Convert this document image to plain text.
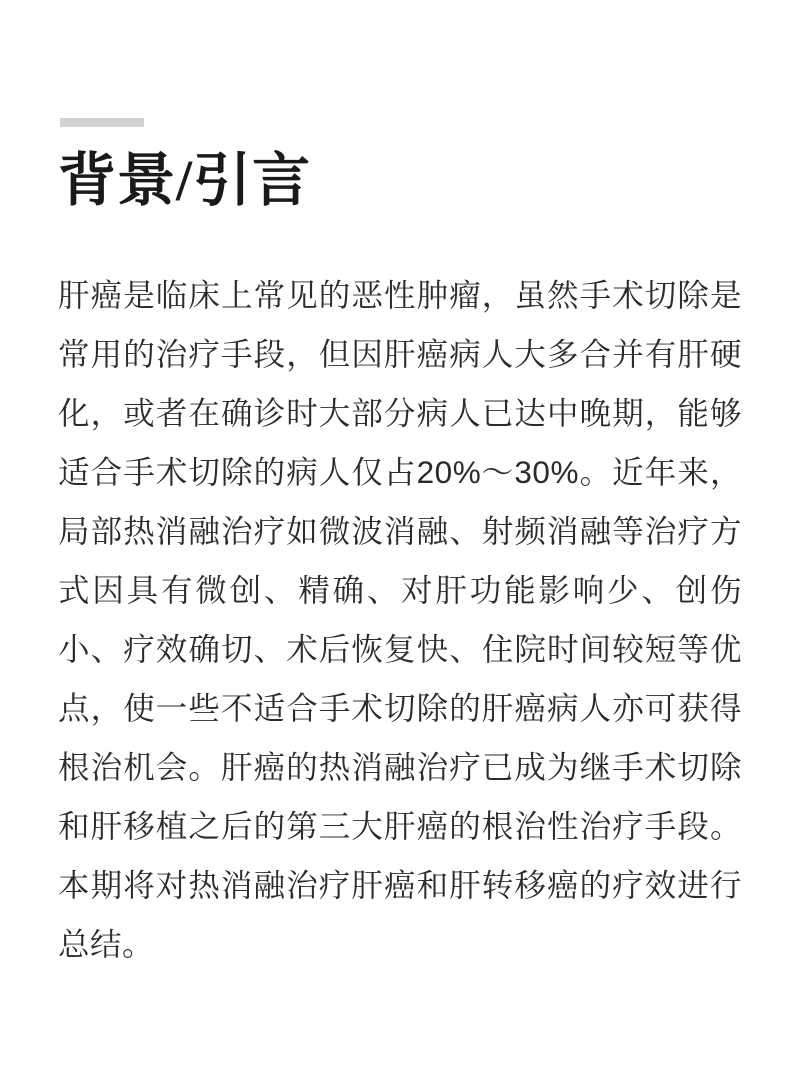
背景/引言

肝癌是临床上常见的恶性肿瘤，虽然手术切除是常用的治疗手段，但因肝癌病人大多合并有肝硬化，或者在确诊时大部分病人已达中晚期，能够适合手术切除的病人仅占20%～30%。近年来，局部热消融治疗如微波消融、射频消融等治疗方式因具有微创、精确、对肝功能影响少、创伤小、疗效确切、术后恢复快、住院时间较短等优点，使一些不适合手术切除的肝癌病人亦可获得根治机会。肝癌的热消融治疗已成为继手术切除和肝移植之后的第三大肝癌的根治性治疗手段。本期将对热消融治疗肝癌和肝转移癌的疗效进行总结。
